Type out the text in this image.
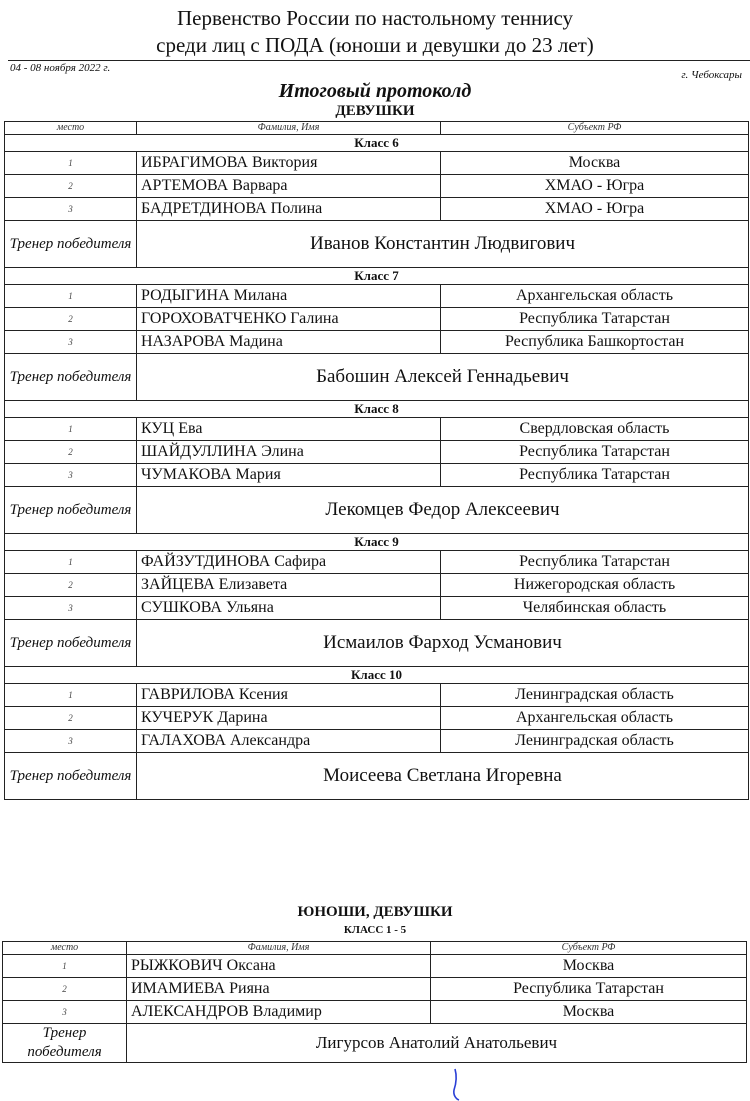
Первенство России по настольному теннису
среди лиц с ПОДА (юноши и девушки до 23 лет)
04 - 08 ноября 2022 г.
г. Чебоксары
Итоговый протоколд
ДЕВУШКИ
место	Фамилия, Имя	Субъект РФ
Класс 6		
1	ИБРАГИМОВА Виктория	Москва
2	АРТЕМОВА Варвара	ХМАО - Югра
3	БАДРЕТДИНОВА Полина	ХМАО - Югра
Тренер победителя	Иванов Константин Людвигович	
Класс 7		
1	РОДЫГИНА Милана	Архангельская область
2	ГОРОХОВАТЧЕНКО Галина	Республика Татарстан
3	НАЗАРОВА Мадина	Республика Башкортостан
Тренер победителя	Бабошин Алексей Геннадьевич	
Класс 8		
1	КУЦ Ева	Свердловская область
2	ШАЙДУЛЛИНА Элина	Республика Татарстан
3	ЧУМАКОВА Мария	Республика Татарстан
Тренер победителя	Лекомцев Федор Алексеевич	
Класс 9		
1	ФАЙЗУТДИНОВА Сафира	Республика Татарстан
2	ЗАЙЦЕВА Елизавета	Нижегородская область
3	СУШКОВА Ульяна	Челябинская область
Тренер победителя	Исмаилов Фарход Усманович	
Класс 10		
1	ГАВРИЛОВА Ксения	Ленинградская область
2	КУЧЕРУК Дарина	Архангельская область
3	ГАЛАХОВА Александра	Ленинградская область
Тренер победителя	Моисеева Светлана Игоревна	
ЮНОШИ, ДЕВУШКИ
КЛАСС 1 - 5
место	Фамилия, Имя	Субъект РФ
1	РЫЖКОВИЧ Оксана	Москва
2	ИМАМИЕВА Рияна	Республика Татарстан
3	АЛЕКСАНДРОВ Владимир	Москва
Тренер победителя	Лигурсов Анатолий Анатольевич	
